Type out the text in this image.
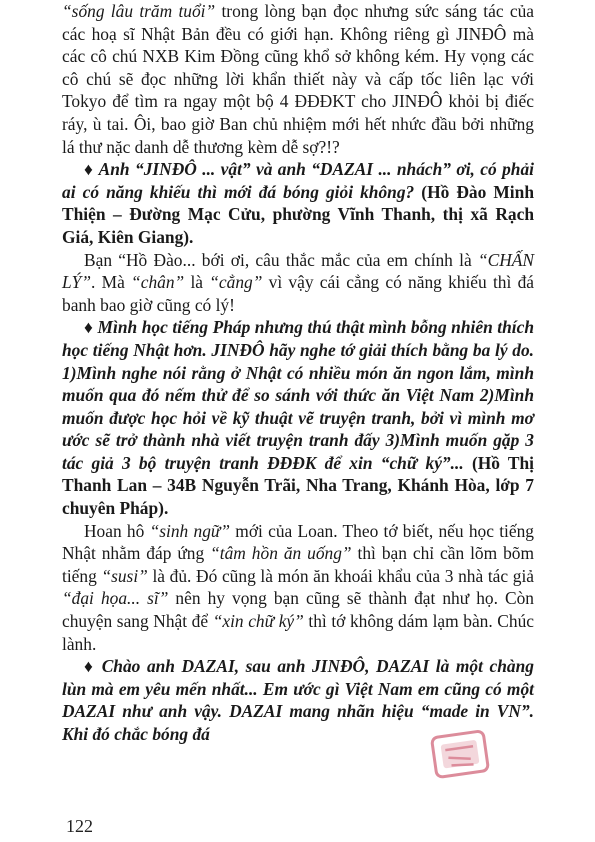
“sống lâu trăm tuổi” trong lòng bạn đọc nhưng sức sáng tác của các hoạ sĩ Nhật Bản đều có giới hạn. Không riêng gì JINĐÔ mà các cô chú NXB Kim Đồng cũng khổ sở không kém. Hy vọng các cô chú sẽ đọc những lời khẩn thiết này và cấp tốc liên lạc với Tokyo để tìm ra ngay một bộ 4 ĐĐĐKT cho JINĐÔ khỏi bị điếc ráy, ù tai. Ôi, bao giờ Ban chủ nhiệm mới hết nhức đầu bởi những lá thư nặc danh dễ thương kèm dễ sợ?!?

♦ Anh “JINĐÔ ... vật” và anh “DAZAI ... nhách” ơi, có phải ai có năng khiếu thì mới đá bóng giỏi không? (Hồ Đào Minh Thiện – Đường Mạc Cửu, phường Vĩnh Thanh, thị xã Rạch Giá, Kiên Giang).

Bạn “Hồ Đào... bới ơi, câu thắc mắc của em chính là “CHẤN LÝ”. Mà “chân” là “cẳng” vì vậy cái cẳng có năng khiếu thì đá banh bao giờ cũng có lý!

♦ Mình học tiếng Pháp nhưng thú thật mình bỗng nhiên thích học tiếng Nhật hơn. JINĐÔ hãy nghe tớ giải thích bằng ba lý do. 1)Mình nghe nói rằng ở Nhật có nhiều món ăn ngon lắm, mình muốn qua đó nếm thử để so sánh với thức ăn Việt Nam 2)Mình muốn được học hỏi về kỹ thuật vẽ truyện tranh, bởi vì mình mơ ước sẽ trở thành nhà viết truyện tranh đấy 3)Mình muốn gặp 3 tác giả 3 bộ truyện tranh ĐĐĐK để xin “chữ ký”... (Hồ Thị Thanh Lan – 34B Nguyễn Trãi, Nha Trang, Khánh Hòa, lớp 7 chuyên Pháp).

Hoan hô “sinh ngữ” mới của Loan. Theo tớ biết, nếu học tiếng Nhật nhằm đáp ứng “tâm hồn ăn uống” thì bạn chỉ cần lõm bõm tiếng “susi” là đủ. Đó cũng là món ăn khoái khẩu của 3 nhà tác giả “đại họa... sĩ” nên hy vọng bạn cũng sẽ thành đạt như họ. Còn chuyện sang Nhật để “xin chữ ký” thì tớ không dám lạm bàn. Chúc lành.

♦ Chào anh DAZAI, sau anh JINĐÔ, DAZAI là một chàng lùn mà em yêu mến nhất... Em ước gì Việt Nam em cũng có một DAZAI như anh vậy. DAZAI mang nhãn hiệu “made in VN”. Khi đó chắc bóng đá

122
